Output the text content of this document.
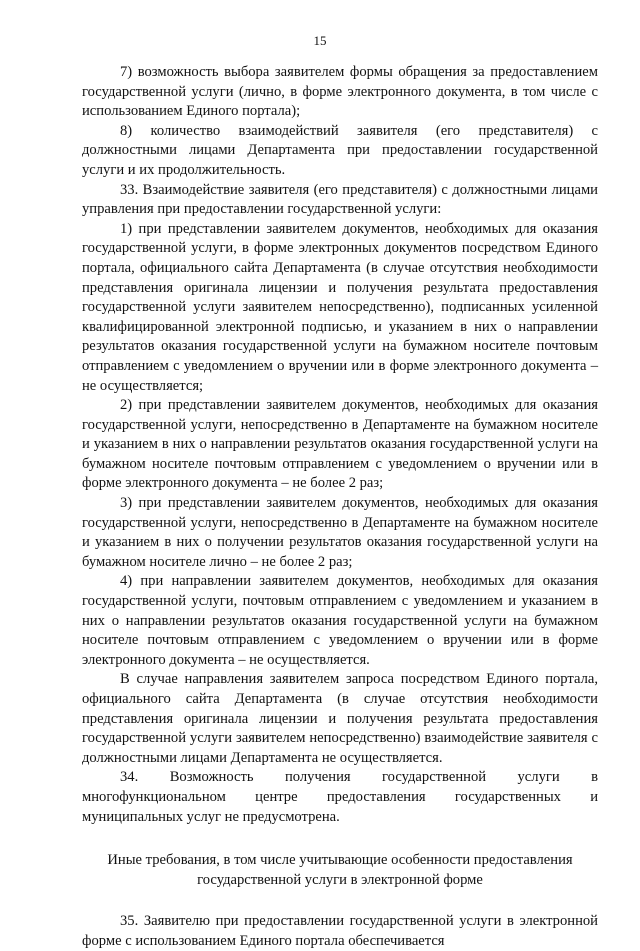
15

7) возможность выбора заявителем формы обращения за предоставлением государственной услуги (лично, в форме электронного документа, в том числе с использованием Единого портала);

8) количество взаимодействий заявителя (его представителя) с должностными лицами Департамента при предоставлении государственной услуги и их продолжительность.

33. Взаимодействие заявителя (его представителя) с должностными лицами управления при предоставлении государственной услуги:

1) при представлении заявителем документов, необходимых для оказания государственной услуги, в форме электронных документов посредством Единого портала, официального сайта Департамента (в случае отсутствия необходимости представления оригинала лицензии и получения результата предоставления государственной услуги заявителем непосредственно), подписанных усиленной квалифицированной электронной подписью, и указанием в них о направлении результатов оказания государственной услуги на бумажном носителе почтовым отправлением с уведомлением о вручении или в форме электронного документа – не осуществляется;

2) при представлении заявителем документов, необходимых для оказания государственной услуги, непосредственно в Департаменте на бумажном носителе и указанием в них о направлении результатов оказания государственной услуги на бумажном носителе почтовым отправлением с уведомлением о вручении или в форме электронного документа – не более 2 раз;

3) при представлении заявителем документов, необходимых для оказания государственной услуги, непосредственно в Департаменте на бумажном носителе и указанием в них о получении результатов оказания государственной услуги на бумажном носителе лично – не более 2 раз;

4) при направлении заявителем документов, необходимых для оказания государственной услуги, почтовым отправлением с уведомлением и указанием в них о направлении результатов оказания государственной услуги на бумажном носителе почтовым отправлением с уведомлением о вручении или в форме электронного документа – не осуществляется.

В случае направления заявителем запроса посредством Единого портала, официального сайта Департамента (в случае отсутствия необходимости представления оригинала лицензии и получения результата предоставления государственной услуги заявителем непосредственно) взаимодействие заявителя с должностными лицами Департамента не осуществляется.

34. Возможность получения государственной услуги в многофункциональном центре предоставления государственных и муниципальных услуг не предусмотрена.

Иные требования, в том числе учитывающие особенности предоставления
государственной услуги в электронной форме

35. Заявителю при предоставлении государственной услуги в электронной форме с использованием Единого портала обеспечивается
